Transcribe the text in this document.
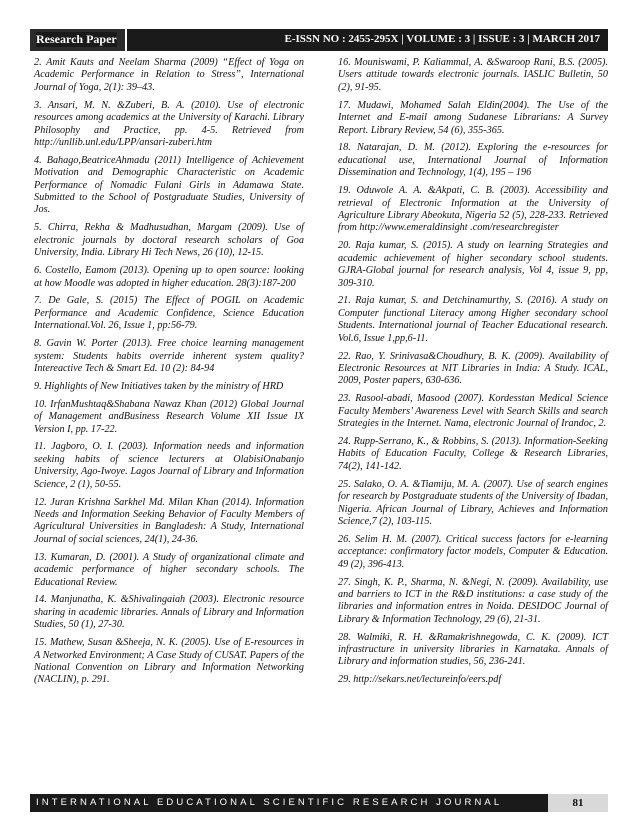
Research Paper	E-ISSN NO : 2455-295X | VOLUME : 3 | ISSUE : 3 | MARCH 2017

2. Amit Kauts and Neelam Sharma (2009) “Effect of Yoga on Academic Performance in Relation to Stress”, International Journal of Yoga, 2(1): 39–43.

3. Ansari, M. N. &Zuberi, B. A. (2010). Use of electronic resources among academics at the University of Karachi. Library Philosophy and Practice, pp. 4-5. Retrieved from http://unllib.unl.edu/LPP/ansari-zuberi.htm

4. Bahago,BeatriceAhmadu (2011) Intelligence of Achievement Motivation and Demographic Characteristic on Academic Performance of Nomadic Fulani Girls in Adamawa State. Submitted to the School of Postgraduate Studies, University of Jos.

5. Chirra, Rekha & Madhusudhan, Margam (2009). Use of electronic journals by doctoral research scholars of Goa University, India. Library Hi Tech News, 26 (10), 12-15.

6. Costello, Eamom (2013). Opening up to open source: looking at how Moodle was adopted in higher education. 28(3):187-200

7. De Gale, S. (2015) The Effect of POGIL on Academic Performance and Academic Confidence, Science Education International.Vol. 26, Issue 1, pp:56-79.

8. Gavin W. Porter (2013). Free choice learning management system: Students habits override inherent system quality? Intereactive Tech & Smart Ed. 10 (2): 84-94

9. Highlights of New Initiatives taken by the ministry of HRD

10. IrfanMushtaq&Shabana Nawaz Khan (2012) Global Journal of Management andBusiness Research Volume XII Issue IX Version I, pp. 17-22.

11. Jagboro, O. I. (2003). Information needs and information seeking habits of science lecturers at OlabisiOnabanjo University, Ago-Iwoye. Lagos Journal of Library and Information Science, 2 (1), 50-55.

12. Juran Krishna Sarkhel Md. Milan Khan (2014). Information Needs and Information Seeking Behavior of Faculty Members of Agricultural Universities in Bangladesh: A Study, International Journal of social sciences, 24(1), 24-36.

13. Kumaran, D. (2001). A Study of organizational climate and academic performance of higher secondary schools. The Educational Review.

14. Manjunatha, K. &Shivalingaiah (2003). Electronic resource sharing in academic libraries. Annals of Library and Information Studies, 50 (1), 27-30.

15. Mathew, Susan &Sheeja, N. K. (2005). Use of E-resources in A Networked Environment; A Case Study of CUSAT. Papers of the National Convention on Library and Information Networking (NACLIN), p. 291.

16. Mouniswami, P. Kaliammal, A. &Swaroop Rani, B.S. (2005). Users attitude towards electronic journals. IASLIC Bulletin, 50 (2), 91-95.

17. Mudawi, Mohamed Salah Eldin(2004). The Use of the Internet and E-mail among Sudanese Librarians: A Survey Report. Library Review, 54 (6), 355-365.

18. Natarajan, D. M. (2012). Exploring the e-resources for educational use, International Journal of Information Dissemination and Technology, 1(4), 195 – 196

19. Oduwole A. A. &Akpati, C. B. (2003). Accessibility and retrieval of Electronic Information at the University of Agriculture Library Abeokuta, Nigeria 52 (5), 228-233. Retrieved from http://www.emeraldinsight .com/researchregister

20. Raja kumar, S. (2015). A study on learning Strategies and academic achievement of higher secondary school students. GJRA-Global journal for research analysis, Vol 4, issue 9, pp, 309-310.

21. Raja kumar, S. and Detchinamurthy, S. (2016). A study on Computer functional Literacy among Higher secondary school Students. International journal of Teacher Educational research. Vol.6, Issue 1,pp,6-11.

22. Rao, Y. Srinivasa&Choudhury, B. K. (2009). Availability of Electronic Resources at NIT Libraries in India: A Study. ICAL, 2009, Poster papers, 630-636.

23. Rasool-abadi, Masood (2007). Kordesstan Medical Science Faculty Members’ Awareness Level with Search Skills and search Strategies in the Internet. Nama, electronic Journal of Irandoc, 2.

24. Rupp-Serrano, K., & Robbins, S. (2013). Information-Seeking Habits of Education Faculty, College & Research Libraries, 74(2), 141-142.

25. Salako, O. A. &Tiamiju, M. A. (2007). Use of search engines for research by Postgraduate students of the University of Ibadan, Nigeria. African Journal of Library, Achieves and Information Science,7 (2), 103-115.

26. Selim H. M. (2007). Critical success factors for e-learning acceptance: confirmatory factor models, Computer & Education. 49 (2), 396-413.

27. Singh, K. P., Sharma, N. &Negi, N. (2009). Availability, use and barriers to ICT in the R&D institutions: a case study of the libraries and information entres in Noida. DESIDOC Journal of Library & Information Technology, 29 (6), 21-31.

28. Walmiki, R. H. &Ramakrishnegowda, C. K. (2009). ICT infrastructure in university libraries in Karnataka. Annals of Library and information studies, 56, 236-241.

29. http://sekars.net/lectureinfo/eers.pdf

INTERNATIONAL EDUCATIONAL SCIENTIFIC RESEARCH JOURNAL	81
